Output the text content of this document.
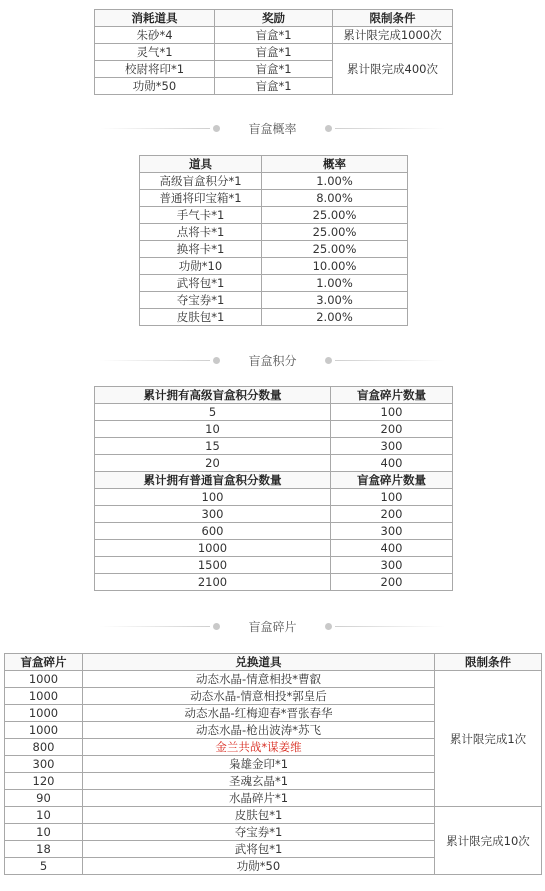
消耗道具	奖励	限制条件
朱砂*4	盲盒*1	累计限完成1000次
灵气*1	盲盒*1	累计限完成400次
校尉将印*1	盲盒*1	
功勋*50	盲盒*1	
盲盒概率
道具	概率
高级盲盒积分*1	1.00%
普通将印宝箱*1	8.00%
手气卡*1	25.00%
点将卡*1	25.00%
换将卡*1	25.00%
功勋*10	10.00%
武将包*1	1.00%
夺宝券*1	3.00%
皮肤包*1	2.00%
盲盒积分
累计拥有高级盲盒积分数量	盲盒碎片数量
5	100
10	200
15	300
20	400
累计拥有普通盲盒积分数量	盲盒碎片数量
100	100
300	200
600	300
1000	400
1500	300
2100	200
盲盒碎片
盲盒碎片	兑换道具	限制条件
1000	动态水晶-情意相投*曹叡	累计限完成1次
1000	动态水晶-情意相投*郭皇后	
1000	动态水晶-红梅迎春*晋张春华	
1000	动态水晶-枪出波涛*苏飞	
800	金兰共战*谋姜维	
300	枭雄金印*1	
120	圣魂玄晶*1	
90	水晶碎片*1	
10	皮肤包*1	累计限完成10次
10	夺宝券*1	
18	武将包*1	
5	功勋*50	
